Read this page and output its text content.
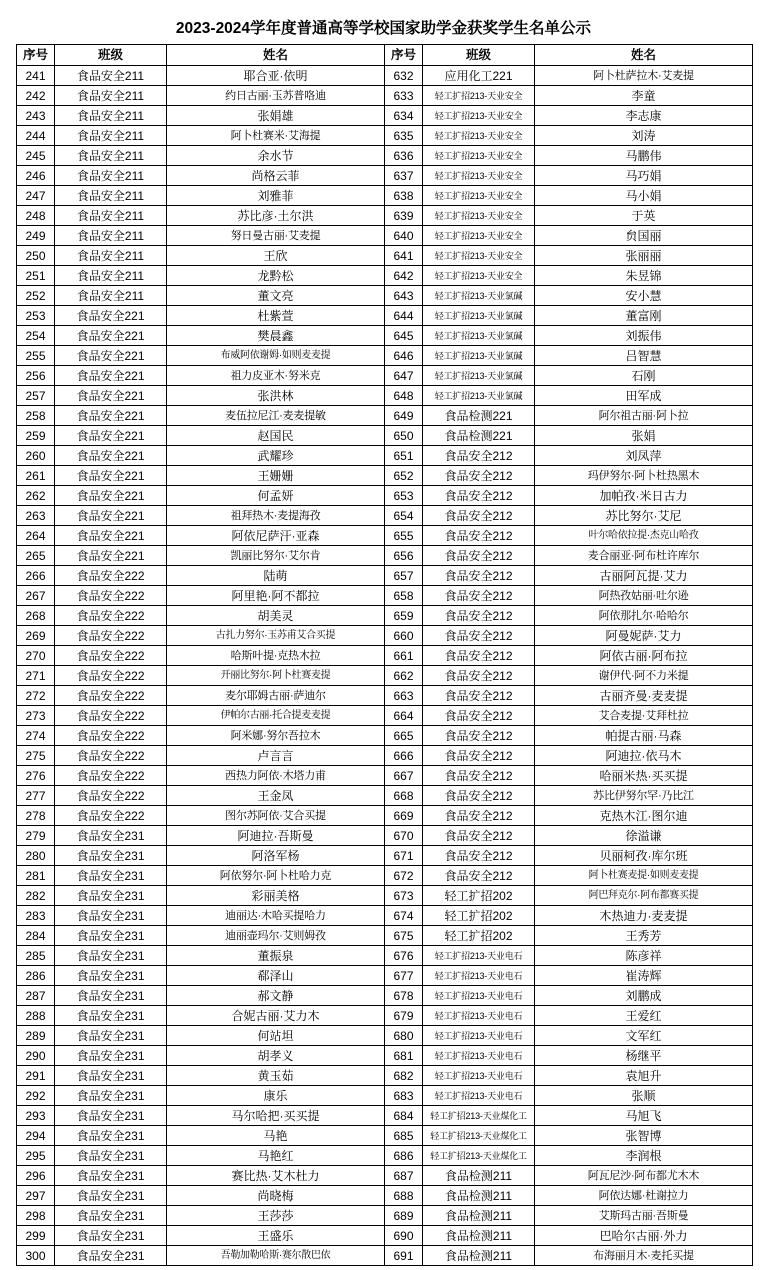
2023-2024学年度普通高等学校国家助学金获奖学生名单公示
序号	班级	姓名	序号	班级	姓名
241	食品安全211	耶合亚·依明	632	应用化工221	阿卜杜萨拉木·艾麦提
242	食品安全211	约日古丽·玉苏普咯迪	633	轻工扩招213-天业安全	李童
243	食品安全211	张娟雄	634	轻工扩招213-天业安全	李志康
244	食品安全211	阿卜杜赛米·艾海提	635	轻工扩招213-天业安全	刘涛
245	食品安全211	余水节	636	轻工扩招213-天业安全	马鹏伟
246	食品安全211	尚格云菲	637	轻工扩招213-天业安全	马巧娟
247	食品安全211	刘雅菲	638	轻工扩招213-天业安全	马小娟
248	食品安全211	苏比彦·土尔洪	639	轻工扩招213-天业安全	于英
249	食品安全211	努日曼古丽·艾麦提	640	轻工扩招213-天业安全	贠国丽
250	食品安全211	王欣	641	轻工扩招213-天业安全	张丽丽
251	食品安全211	龙黔松	642	轻工扩招213-天业安全	朱昱锦
252	食品安全211	董文亮	643	轻工扩招213-天业氯碱	安小慧
253	食品安全221	杜紫萱	644	轻工扩招213-天业氯碱	董富刚
254	食品安全221	樊晨鑫	645	轻工扩招213-天业氯碱	刘振伟
255	食品安全221	布威阿依谢姆·如则麦麦提	646	轻工扩招213-天业氯碱	吕智慧
256	食品安全221	祖力皮亚木·努米克	647	轻工扩招213-天业氯碱	石刚
257	食品安全221	张洪林	648	轻工扩招213-天业氯碱	田军成
258	食品安全221	麦伍拉尼江·麦麦提敏	649	食品检测221	阿尔祖古丽·阿卜拉
259	食品安全221	赵国民	650	食品检测221	张娟
260	食品安全221	武耀珍	651	食品安全212	刘凤萍
261	食品安全221	王姗姗	652	食品安全212	玛伊努尔·阿卜杜热黑木
262	食品安全221	何孟妍	653	食品安全212	加帕孜·米日古力
263	食品安全221	祖拜热木·麦提海孜	654	食品安全212	苏比努尔·艾尼
264	食品安全221	阿依尼萨汗·亚森	655	食品安全212	叶尔哈依拉提·杰克山哈孜
265	食品安全221	凯丽比努尔·艾尔肯	656	食品安全212	麦合丽亚·阿布杜许库尔
266	食品安全222	陆萌	657	食品安全212	古丽阿瓦提·艾力
267	食品安全222	阿里艳·阿不都拉	658	食品安全212	阿热孜姑丽·吐尔逊
268	食品安全222	胡美灵	659	食品安全212	阿依那扎尔·哈哈尔
269	食品安全222	古扎力努尔·玉苏甫艾合买提	660	食品安全212	阿曼妮萨·艾力
270	食品安全222	哈斯叶提·克热木拉	661	食品安全212	阿依古丽·阿布拉
271	食品安全222	开丽比努尔·阿卜杜赛麦提	662	食品安全212	谢伊代·阿不力米提
272	食品安全222	麦尔耶姆古丽·萨迪尔	663	食品安全212	古丽齐曼·麦麦提
273	食品安全222	伊帕尔古丽·托合提麦麦提	664	食品安全212	艾合麦提·艾拜杜拉
274	食品安全222	阿米娜·努尔吾拉木	665	食品安全212	帕提古丽·马森
275	食品安全222	卢言言	666	食品安全212	阿迪拉·依马木
276	食品安全222	西热力阿依·木塔力甫	667	食品安全212	哈丽米热·买买提
277	食品安全222	王金凤	668	食品安全212	苏比伊努尔罕·乃比江
278	食品安全222	图尔苏阿依·艾合买提	669	食品安全212	克热木江·图尔迪
279	食品安全231	阿迪拉·吾斯曼	670	食品安全212	徐溢谦
280	食品安全231	阿洛军杨	671	食品安全212	贝丽柯孜·库尔班
281	食品安全231	阿依努尔·阿卜杜哈力克	672	食品安全212	阿卜杜赛麦提·如则麦麦提
282	食品安全231	彩丽美格	673	轻工扩招202	阿巴拜克尔·阿布都赛买提
283	食品安全231	迪丽达·木哈买提哈力	674	轻工扩招202	木热迪力·麦麦提
284	食品安全231	迪丽壶玛尔·艾则姆孜	675	轻工扩招202	王秀芳
285	食品安全231	董振泉	676	轻工扩招213-天业电石	陈彦祥
286	食品安全231	郗泽山	677	轻工扩招213-天业电石	崔涛辉
287	食品安全231	郝文静	678	轻工扩招213-天业电石	刘鹏成
288	食品安全231	合妮古丽·艾力木	679	轻工扩招213-天业电石	王爱红
289	食品安全231	何站坦	680	轻工扩招213-天业电石	文军红
290	食品安全231	胡孝义	681	轻工扩招213-天业电石	杨继平
291	食品安全231	黄玉茹	682	轻工扩招213-天业电石	袁旭升
292	食品安全231	康乐	683	轻工扩招213-天业电石	张顺
293	食品安全231	马尔哈把·买买提	684	轻工扩招213-天业煤化工	马旭飞
294	食品安全231	马艳	685	轻工扩招213-天业煤化工	张智博
295	食品安全231	马艳红	686	轻工扩招213-天业煤化工	李润根
296	食品安全231	赛比热·艾木杜力	687	食品检测211	阿瓦尼沙·阿布都尤木木
297	食品安全231	尚晓梅	688	食品检测211	阿依达娜·杜谢拉力
298	食品安全231	王莎莎	689	食品检测211	艾斯玛古丽·吾斯曼
299	食品安全231	王盛乐	690	食品检测211	巴哈尔古丽·外力
300	食品安全231	吾勒加勒哈斯·赛尔散巴依	691	食品检测211	布海丽月木·麦托买提
